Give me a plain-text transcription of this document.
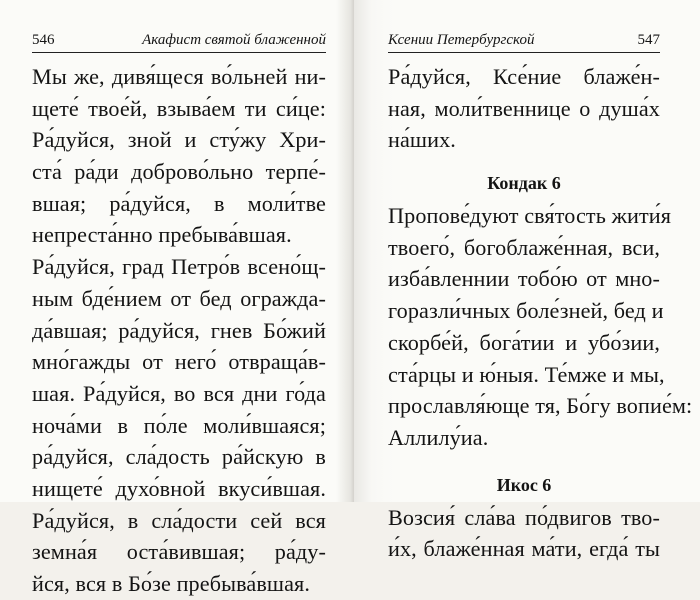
546	Акафист святой блаженной
Мы же, дивя́щеся во́льней ни-
щете́ твое́й, взыва́ем ти си́це:
Ра́дуйся, зной и сту́жу Хри-
ста́ ра́ди доброво́льно терпе́-
вшая; ра́дуйся, в моли́тве
непреста́нно пребыва́вшая.
Ра́дуйся, град Петро́в всено́щ-
ным бде́нием от бед огражда-
да́вшая; ра́дуйся, гнев Бо́жий
мно́гажды от него́ отвраща́в-
шая. Ра́дуйся, во вся дни го́да
ноча́ми в по́ле моли́вшаяся;
ра́дуйся, сла́дость ра́йскую в
нищете́ духо́вной вкуси́вшая.
Ра́дуйся, в сла́дости сей вся
земна́я оста́вившая; ра́ду-
йся, вся в Бо́зе пребыва́вшая.
Ксении Петербургской	547
Ра́дуйся, Ксе́ние блаже́н-
ная, моли́твеннице о душа́х
на́ших.
Кондак 6
Пропове́дуют свя́тость жити́я
твоего́, богоблаже́нная, вси,
изба́вленнии тобо́ю от мно-
горазли́чных боле́зней, бед и
скорбе́й, бога́тии и убо́зии,
ста́рцы и ю́ныя. Те́мже и мы,
прославля́юще тя, Бо́гу вопие́м:
Аллилу́иа.
Икос 6
Возсия́ сла́ва по́двигов тво-
и́х, блаже́нная ма́ти, егда́ ты
